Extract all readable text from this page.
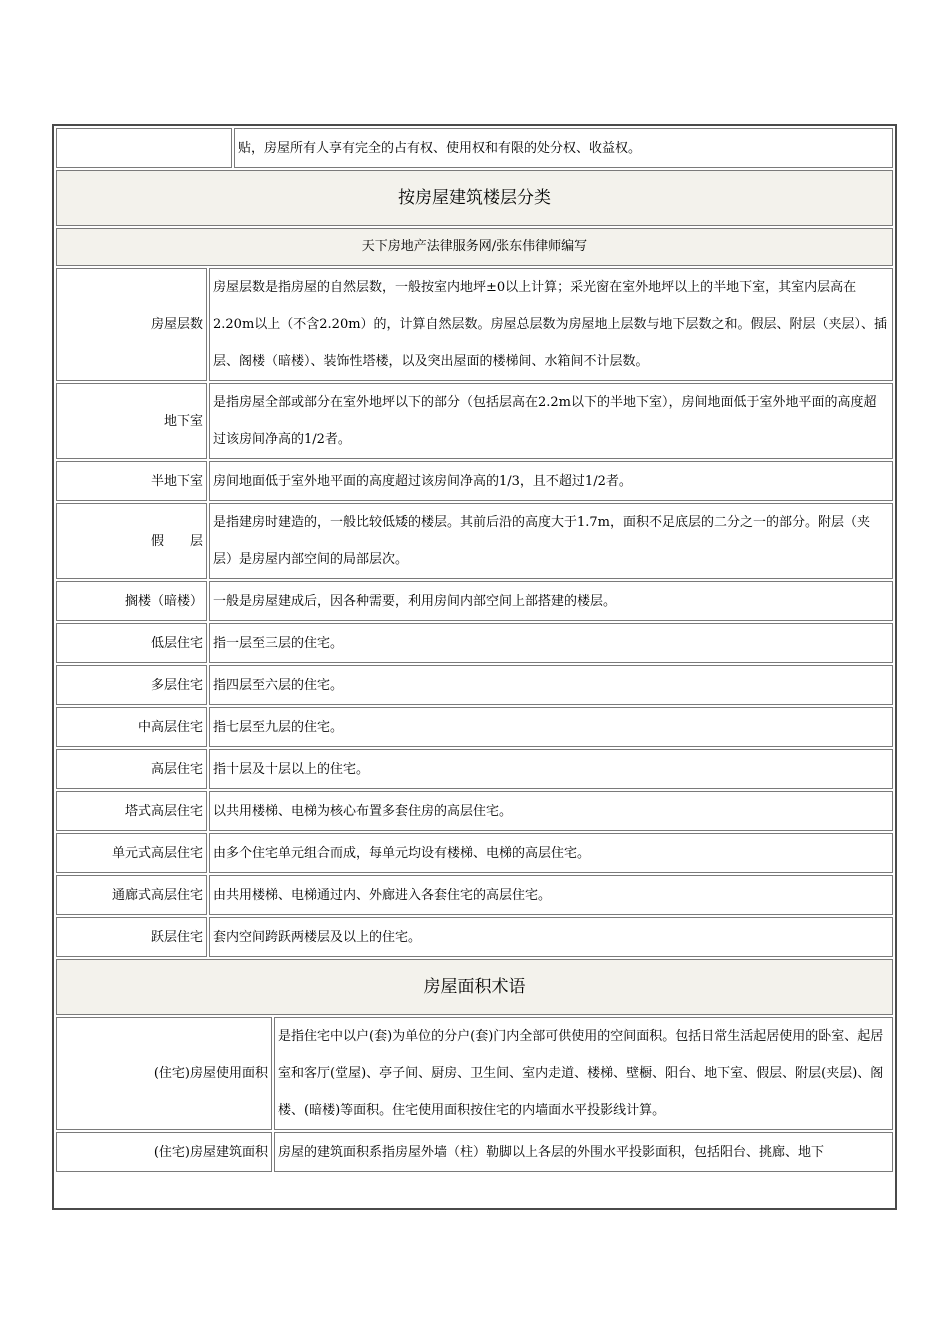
	贴，房屋所有人享有完全的占有权、使用权和有限的处分权、收益权。
按房屋建筑楼层分类
天下房地产法律服务网/张东伟律师编写
房屋层数	房屋层数是指房屋的自然层数，一般按室内地坪±0以上计算；采光窗在室外地坪以上的半地下室，其室内层高在2.20m以上（不含2.20m）的，计算自然层数。房屋总层数为房屋地上层数与地下层数之和。假层、附层（夹层）、插层、阁楼（暗楼）、装饰性塔楼，以及突出屋面的楼梯间、水箱间不计层数。
地下室	是指房屋全部或部分在室外地坪以下的部分（包括层高在2.2m以下的半地下室），房间地面低于室外地平面的高度超过该房间净高的1/2者。
半地下室	房间地面低于室外地平面的高度超过该房间净高的1/3，且不超过1/2者。
假　　层	是指建房时建造的，一般比较低矮的楼层。其前后沿的高度大于1.7m，面积不足底层的二分之一的部分。附层（夹层）是房屋内部空间的局部层次。
搁楼（暗楼）	一般是房屋建成后，因各种需要，利用房间内部空间上部搭建的楼层。
低层住宅	指一层至三层的住宅。
多层住宅	指四层至六层的住宅。
中高层住宅	指七层至九层的住宅。
高层住宅	指十层及十层以上的住宅。
塔式高层住宅	以共用楼梯、电梯为核心布置多套住房的高层住宅。
单元式高层住宅	由多个住宅单元组合而成，每单元均设有楼梯、电梯的高层住宅。
通廊式高层住宅	由共用楼梯、电梯通过内、外廊进入各套住宅的高层住宅。
跃层住宅	套内空间跨跃两楼层及以上的住宅。
房屋面积术语	
(住宅)房屋使用面积	是指住宅中以户(套)为单位的分户(套)门内全部可供使用的空间面积。包括日常生活起居使用的卧室、起居室和客厅(堂屋)、亭子间、厨房、卫生间、室内走道、楼梯、壁橱、阳台、地下室、假层、附层(夹层)、阁楼、(暗楼)等面积。住宅使用面积按住宅的内墙面水平投影线计算。
(住宅)房屋建筑面积	房屋的建筑面积系指房屋外墙（柱）勒脚以上各层的外围水平投影面积，包括阳台、挑廊、地下
